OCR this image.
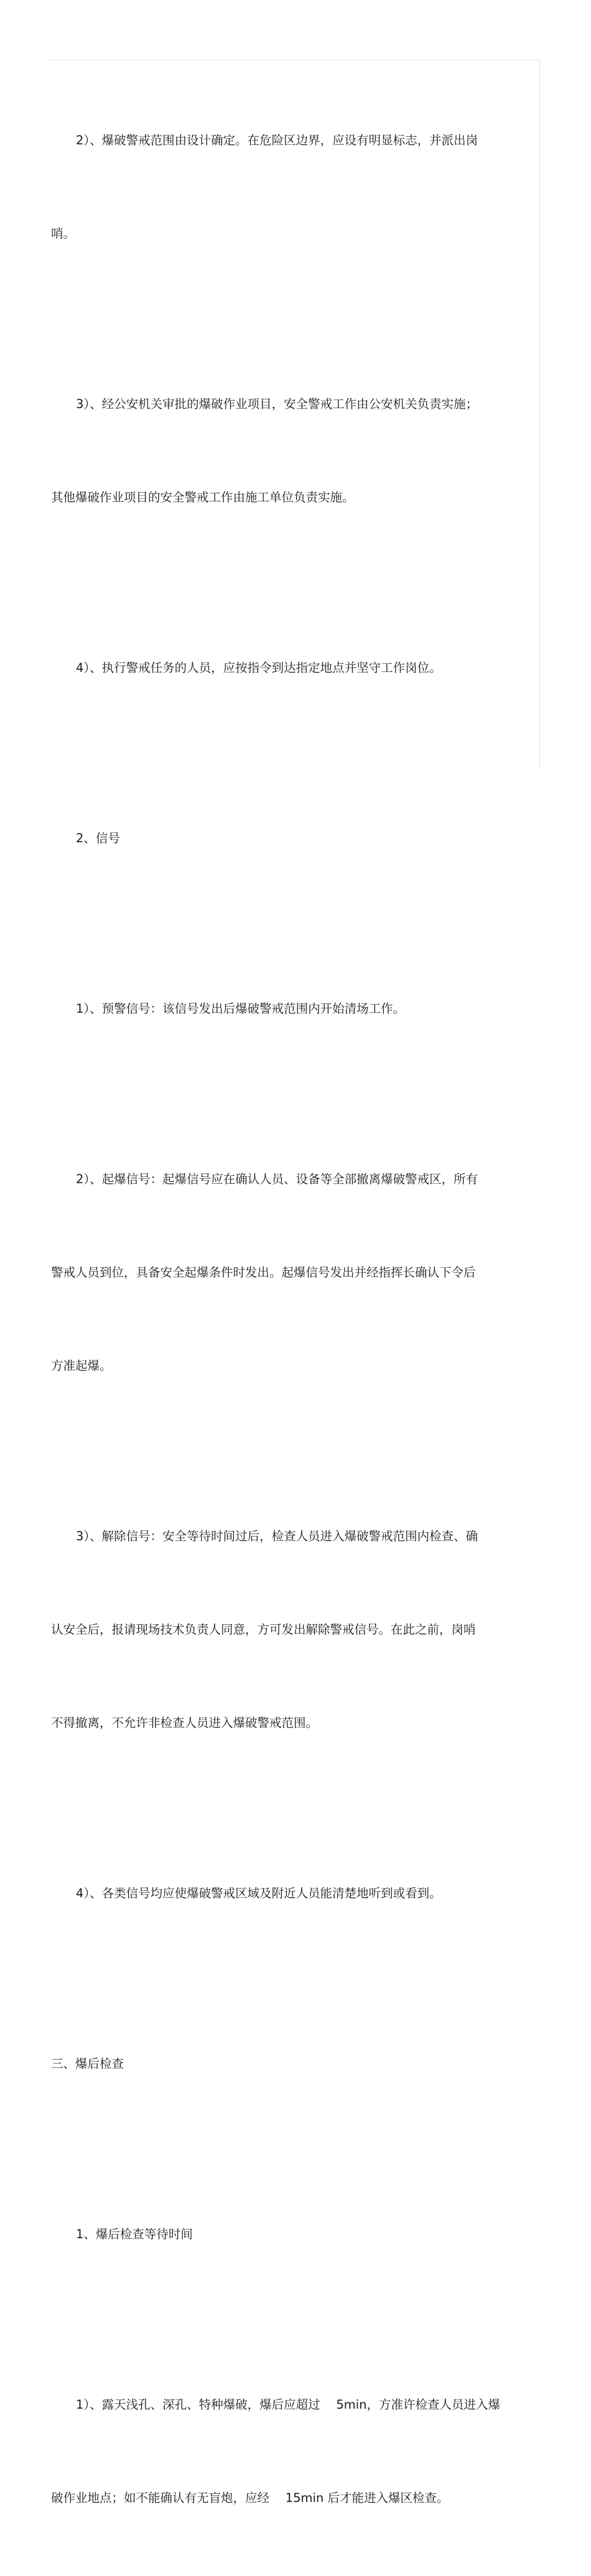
2）、爆破警戒范围由设计确定。在危险区边界，应设有明显标志，并派出岗

哨。

3）、经公安机关审批的爆破作业项目，安全警戒工作由公安机关负责实施；

其他爆破作业项目的安全警戒工作由施工单位负责实施。

4）、执行警戒任务的人员，应按指令到达指定地点并坚守工作岗位。

2、信号

1）、预警信号：该信号发出后爆破警戒范围内开始清场工作。

2）、起爆信号：起爆信号应在确认人员、设备等全部撤离爆破警戒区，所有

警戒人员到位，具备安全起爆条件时发出。起爆信号发出并经指挥长确认下令后

方准起爆。

3）、解除信号：安全等待时间过后，检查人员进入爆破警戒范围内检查、确

认安全后，报请现场技术负责人同意，方可发出解除警戒信号。在此之前，岗哨

不得撤离，不允许非检查人员进入爆破警戒范围。

4）、各类信号均应使爆破警戒区域及附近人员能清楚地听到或看到。

三、爆后检查

1、爆后检查等待时间

1）、露天浅孔、深孔、特种爆破，爆后应超过　 5min，方准许检查人员进入爆

破作业地点；如不能确认有无盲炮，应经　 15min 后才能进入爆区检查。
